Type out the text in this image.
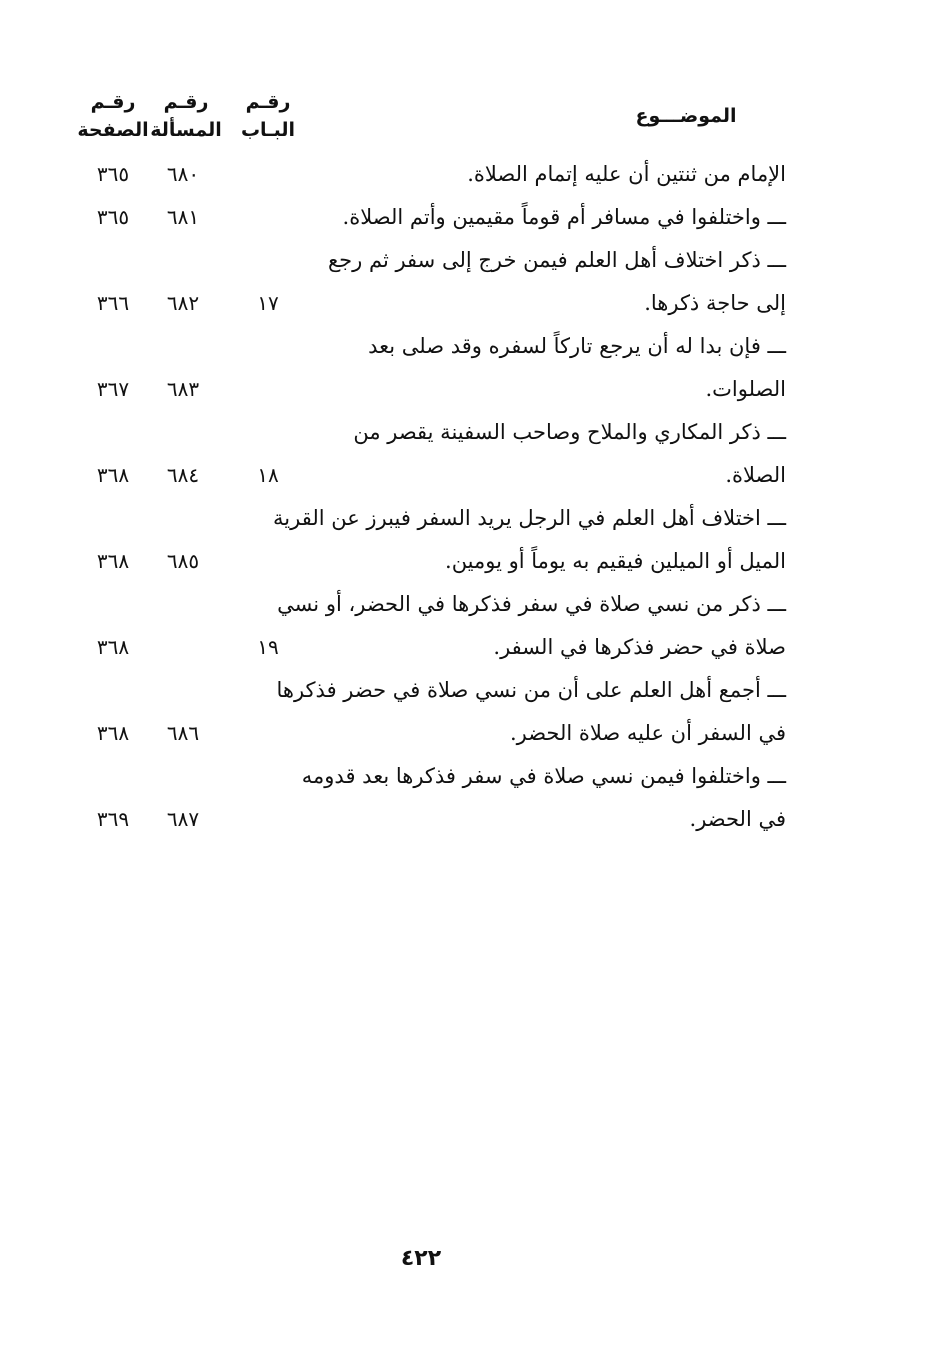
الموضـــوع
رقـم
البـاب
رقـم
المسألة
رقـم
الصفحة
الإمام من ثنتين أن عليه إتمام الصلاة.
٦٨٠
٣٦٥
ـــ واختلفوا في مسافر أم قوماً مقيمين وأتم الصلاة.
٦٨١
٣٦٥
ـــ ذكر اختلاف أهل العلم فيمن خرج إلى سفر ثم رجع
إلى حاجة ذكرها.
١٧
٦٨٢
٣٦٦
ـــ فإن بدا له أن يرجع تاركاً لسفره وقد صلى بعد
الصلوات.
٦٨٣
٣٦٧
ـــ ذكر المكاري والملاح وصاحب السفينة يقصر من
الصلاة.
١٨
٦٨٤
٣٦٨
ـــ اختلاف أهل العلم في الرجل يريد السفر فيبرز عن القرية
الميل أو الميلين فيقيم به يوماً أو يومين.
٦٨٥
٣٦٨
ـــ ذكر من نسي صلاة في سفر فذكرها في الحضر، أو نسي
صلاة في حضر فذكرها في السفر.
١٩
٣٦٨
ـــ أجمع أهل العلم على أن من نسي صلاة في حضر فذكرها
في السفر أن عليه صلاة الحضر.
٦٨٦
٣٦٨
ـــ واختلفوا فيمن نسي صلاة في سفر فذكرها بعد قدومه
في الحضر.
٦٨٧
٣٦٩
٤٢٢
